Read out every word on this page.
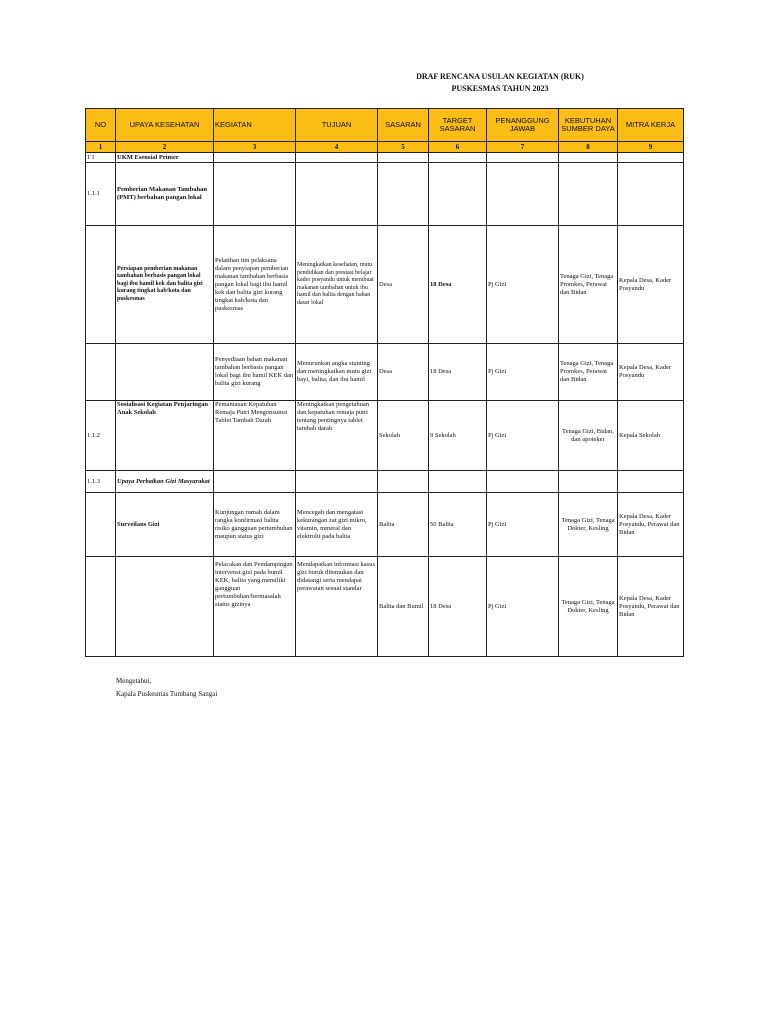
DRAF RENCANA USULAN KEGIATAN (RUK)
PUSKESMAS TAHUN 2023
NO	UPAYA KESEHATAN	KEGIATAN	TUJUAN	SASARAN	TARGET SASARAN	PENANGGUNG JAWAB	KEBUTUHAN SUMBER DAYA	MITRA KERJA
1	2	3	4	5	6	7	8	9
1'1	UKM Esensial Primer							
1.1.1	Pemberian Makanan Tambahan (PMT) berbahan pangan lokal							
	Persiapan pemberian makanan tambahan berbasis pangan lokal bagi ibu hamil kek dan balita gizi kurang tingkat kab/kota dan puskesmas	Pelatihan tim pelaksana dalam penyiapan pemberian makanan tambahan berbasis pangan lokal bagi ibu hamil kek dan balita gizi kurang tingkat kab/kota dan puskesmas	Meningkatkan kesehatan, mutu pendidikan dan prestasi belajar kader posyandu untuk membuat makanan tambahan untuk ibu hamil dan balita dengan bahan dasar lokal	Desa	18 Desa	Pj Gizi	Tenaga Gizi, Tenaga Promkes, Perawat dan Bidan	Kepala Desa, Kader Posyandu
		Penyediaan bahan makanan tambahan berbasis pangan lokal bagi ibu hamil KEK dan balita gizi kurang	Menurunkan angka stunting dan meningkatkan mutu gizi bayi, balita, dan ibu hamil	Desa	18 Desa	Pj Gizi	Tenaga Gizi, Tenaga Promkes, Perawat dan Bidan	Kepala Desa, Kader Posyandu
1.1.2	Sosialisasi Kegiatan Penjaringan Anak Sekolah	Pemantauan Kepatuhan Remaja Putri Mengonsumsi Tablet Tambah Darah	Meningkatkan pengetahuan dan kepatuhan remaja putri tentang pentingnya tablet tambah darah	Sekolah	9 Sekolah	Pj Gizi	Tenaga Gizi, Bidan, dan apoteker	Kepala Sekolah
1.1.3	Upaya Perbaikan Gizi Masyarakat							
	Surveilans Gizi	Kunjungan rumah dalam rangka konfirmasi balita risiko gangguan pertumbuhan maupun status gizi	Mencegah dan mengatasi kekurangan zat gizi mikro, vitamin, mineral dan elektrolit pada balita	Balita	50 Balita	Pj Gizi	Tenaga Gizi, Tenaga Dokter, Kesling	Kepala Desa, Kader Posyandu, Perawat dan Bidan
		Pelacakan dan Pendampingan intervensi gizi pada bumil KEK, balita yang memiliki gangguan pertumbuhan/bermasalah status gizinya	Mendapatkan informasi kasus gizi buruk ditemukan dan didatangi serta mendapat perawatan sesuai standar	Balita dan Bumil	18 Desa	Pj Gizi	Tenaga Gizi, Tenaga Dokter, Kesling	Kepala Desa, Kader Posyandu, Perawat dan Bidan
Mengetahui,
Kapala Puskesmas Tumbang Sangai
